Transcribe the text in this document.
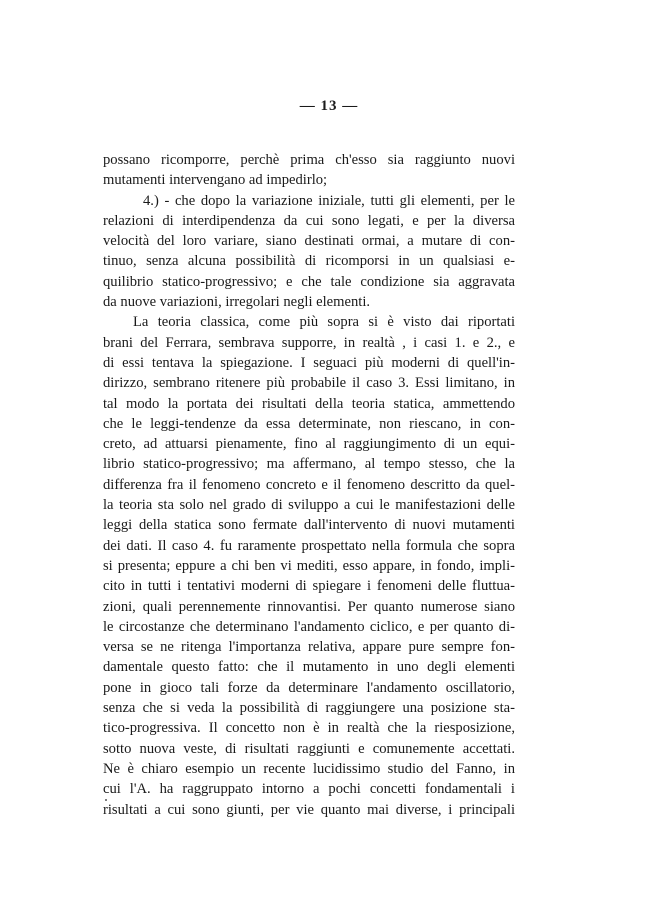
— 13 —
possano ricomporre, perchè prima ch'esso sia raggiunto nuovi
mutamenti intervengano ad impedirlo;
4.) - che dopo la variazione iniziale, tutti gli elementi, per le
relazioni di interdipendenza da cui sono legati, e per la diversa
velocità del loro variare, siano destinati ormai, a mutare di con-
tinuo, senza alcuna possibilità di ricomporsi in un qualsiasi e-
quilibrio statico-progressivo; e che tale condizione sia aggravata
da nuove variazioni, irregolari negli elementi.
La teoria classica, come più sopra si è visto dai riportati
brani del Ferrara, sembrava supporre, in realtà , i casi 1. e 2., e
di essi tentava la spiegazione. I seguaci più moderni di quell'in-
dirizzo, sembrano ritenere più probabile il caso 3. Essi limitano, in
tal modo la portata dei risultati della teoria statica, ammettendo
che le leggi-tendenze da essa determinate, non riescano, in con-
creto, ad attuarsi pienamente, fino al raggiungimento di un equi-
librio statico-progressivo; ma affermano, al tempo stesso, che la
differenza fra il fenomeno concreto e il fenomeno descritto da quel-
la teoria sta solo nel grado di sviluppo a cui le manifestazioni delle
leggi della statica sono fermate dall'intervento di nuovi mutamenti
dei dati. Il caso 4. fu raramente prospettato nella formula che sopra
si presenta; eppure a chi ben vi mediti, esso appare, in fondo, impli-
cito in tutti i tentativi moderni di spiegare i fenomeni delle fluttua-
zioni, quali perennemente rinnovantisi. Per quanto numerose siano
le circostanze che determinano l'andamento ciclico, e per quanto di-
versa se ne ritenga l'importanza relativa, appare pure sempre fon-
damentale questo fatto: che il mutamento in uno degli elementi
pone in gioco tali forze da determinare l'andamento oscillatorio,
senza che si veda la possibilità di raggiungere una posizione sta-
tico-progressiva. Il concetto non è in realtà che la riesposizione,
sotto nuova veste, di risultati raggiunti e comunemente accettati.
Ne è chiaro esempio un recente lucidissimo studio del Fanno, in
cui l'A. ha raggruppato intorno a pochi concetti fondamentali i
risultati a cui sono giunti, per vie quanto mai diverse, i principali
